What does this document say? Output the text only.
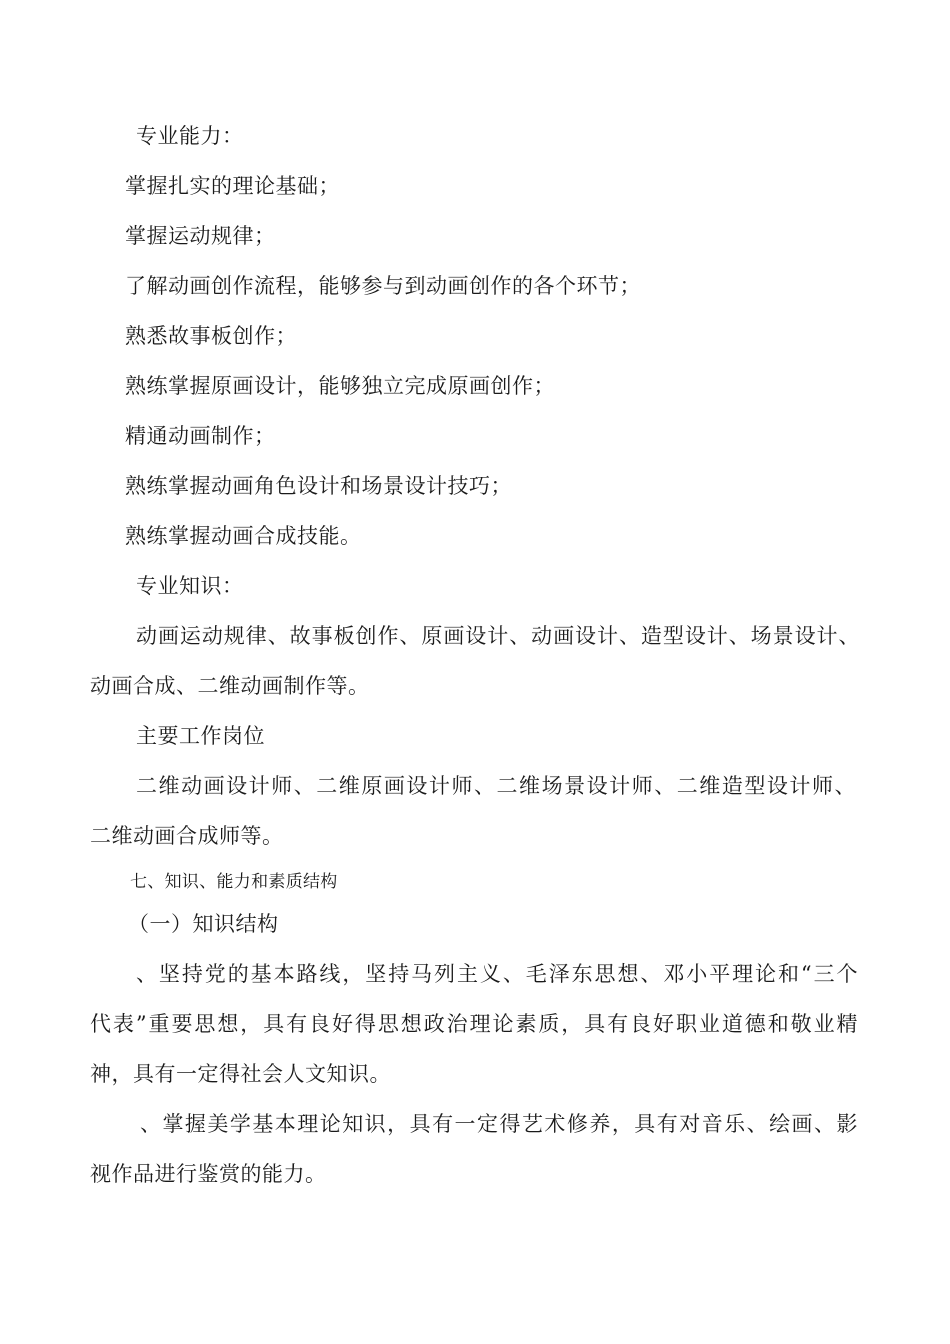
专业能力：
掌握扎实的理论基础；
掌握运动规律；
了解动画创作流程，能够参与到动画创作的各个环节；
熟悉故事板创作；
熟练掌握原画设计，能够独立完成原画创作；
精通动画制作；
熟练掌握动画角色设计和场景设计技巧；
熟练掌握动画合成技能。
专业知识：
动画运动规律、故事板创作、原画设计、动画设计、造型设计、场景设计、
动画合成、二维动画制作等。
主要工作岗位
二维动画设计师、二维原画设计师、二维场景设计师、二维造型设计师、
二维动画合成师等。
七、知识、能力和素质结构
（一）知识结构
、坚持党的基本路线，坚持马列主义、毛泽东思想、邓小平理论和“三个
代表”重要思想，具有良好得思想政治理论素质，具有良好职业道德和敬业精
神，具有一定得社会人文知识。
、掌握美学基本理论知识，具有一定得艺术修养，具有对音乐、绘画、影
视作品进行鉴赏的能力。
